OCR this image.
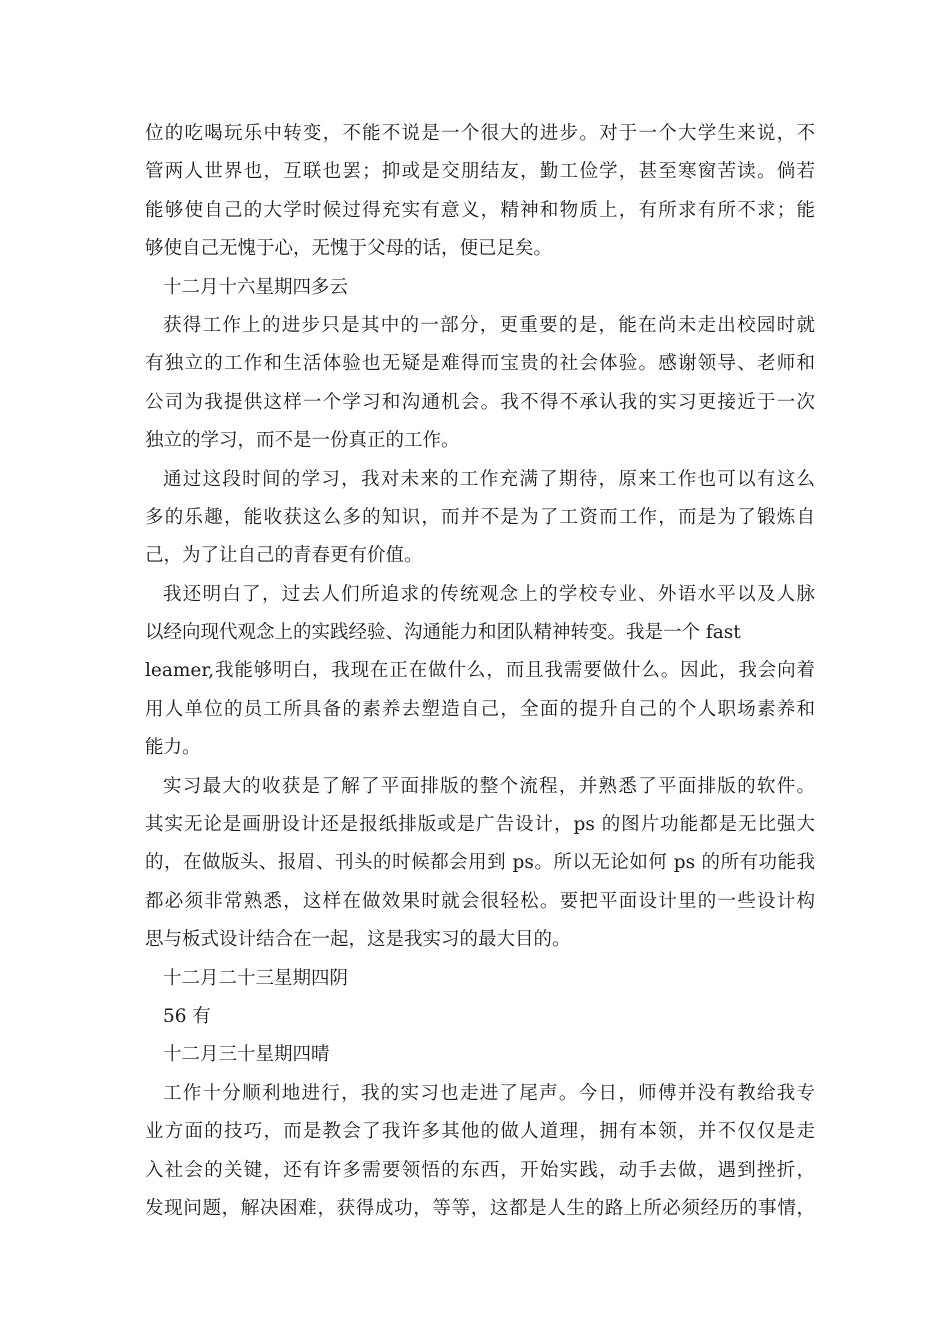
位的吃喝玩乐中转变，不能不说是一个很大的进步。对于一个大学生来说，不
管两人世界也，互联也罢；抑或是交朋结友，勤工俭学，甚至寒窗苦读。倘若
能够使自己的大学时候过得充实有意义，精神和物质上，有所求有所不求；能
够使自己无愧于心，无愧于父母的话，便已足矣。
十二月十六星期四多云
获得工作上的进步只是其中的一部分，更重要的是，能在尚未走出校园时就
有独立的工作和生活体验也无疑是难得而宝贵的社会体验。感谢领导、老师和
公司为我提供这样一个学习和沟通机会。我不得不承认我的实习更接近于一次
独立的学习，而不是一份真正的工作。
通过这段时间的学习，我对未来的工作充满了期待，原来工作也可以有这么
多的乐趣，能收获这么多的知识，而并不是为了工资而工作，而是为了锻炼自
己，为了让自己的青春更有价值。
我还明白了，过去人们所追求的传统观念上的学校专业、外语水平以及人脉
以经向现代观念上的实践经验、沟通能力和团队精神转变。我是一个 fast
leamer,我能够明白，我现在正在做什么，而且我需要做什么。因此，我会向着
用人单位的员工所具备的素养去塑造自己，全面的提升自己的个人职场素养和
能力。
实习最大的收获是了解了平面排版的整个流程，并熟悉了平面排版的软件。
其实无论是画册设计还是报纸排版或是广告设计，ps 的图片功能都是无比强大
的，在做版头、报眉、刊头的时候都会用到 ps。所以无论如何 ps 的所有功能我
都必须非常熟悉，这样在做效果时就会很轻松。要把平面设计里的一些设计构
思与板式设计结合在一起，这是我实习的最大目的。
十二月二十三星期四阴
56 有
十二月三十星期四晴
工作十分顺利地进行，我的实习也走进了尾声。今日，师傅并没有教给我专
业方面的技巧，而是教会了我许多其他的做人道理，拥有本领，并不仅仅是走
入社会的关键，还有许多需要领悟的东西，开始实践，动手去做，遇到挫折，
发现问题，解决困难，获得成功，等等，这都是人生的路上所必须经历的事情，
